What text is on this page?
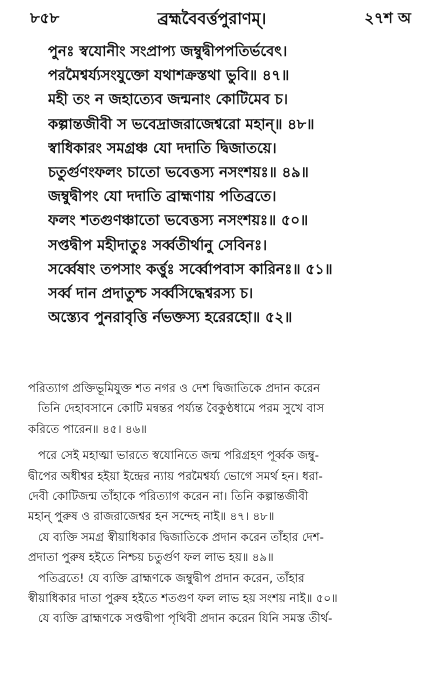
৮৫৮	ব্রহ্মবৈবর্ত্তপুরাণম্।	২৭শ অ
পুনঃ স্বযোনীং সংপ্রাপ্য জম্বুদ্বীপপতির্ভবেৎ।
পরমৈশ্বর্য্যসংযুক্তো যথাশক্রস্তথা ভুবি॥ ৪৭॥
মহী তং ন জহাত্যেব জন্মনাং কোটিমেব চ।
কল্পান্তজীবী স ভবেদ্রাজরাজেশ্বরো মহান্॥ ৪৮॥
স্বাধিকারং সমগ্রঞ্চ যো দদাতি দ্বিজাতয়ে।
চতুর্গুণংফলং চাতো ভবেত্তস্য নসংশয়ঃ॥ ৪৯॥
জম্বুদ্বীপং যো দদাতি ব্রাহ্মণায় পতিব্রতে।
ফলং শতগুণঞ্চাতো ভবেত্তস্য নসংশয়ঃ॥ ৫০॥
সপ্তদ্বীপ মহীদাতুঃ সর্ব্বতীর্থানু সেবিনঃ।
সর্ব্বেষাং তপসাং কর্ত্তুঃ সর্ব্বোপবাস কারিনঃ॥ ৫১॥
সর্ব্ব দান প্রদাতুশ্চ সর্ব্বসিদ্ধেশ্বরস্য চ।
অস্ত্যেব পুনরাবৃত্তি র্নভক্তস্য হরেরহো॥ ৫২॥
পরিত্যাগ প্রক্তিভূমিযুক্ত শত নগর ও দেশ দ্বিজাতিকে প্রদান করেন
তিনি দেহাবসানে কোটি মন্বন্তর পর্য্যন্ত বৈকুণ্ঠধামে পরম সুখে বাস
করিতে পারেন॥ ৪৫। ৪৬॥
পরে সেই মহাত্মা ভারতে স্বযোনিতে জন্ম পরিগ্রহণ পূর্ব্বক জম্বু-
দ্বীপের অধীশ্বর হইয়া ইন্দ্রের ন্যায় পরমৈশ্বর্য্য ভোগে সমর্থ হন। ধরা-
দেবী কোটিজন্ম তাঁহাকে পরিত্যাগ করেন না। তিনি কল্পান্তজীবী
মহান্ পুরুষ ও রাজরাজেশ্বর হন সন্দেহ নাই॥ ৪৭। ৪৮॥
যে ব্যক্তি সমগ্র স্বীয়াধিকার দ্বিজাতিকে প্রদান করেন তাঁহার দেশ-
প্রদাতা পুরুষ হইতে নিশ্চয় চতুর্গুণ ফল লাভ হয়॥ ৪৯॥
পতিব্রতে! যে ব্যক্তি ব্রাহ্মণকে জম্বুদ্বীপ প্রদান করেন, তাঁহার
স্বীয়াধিকার দাতা পুরুষ হইতে শতগুণ ফল লাভ হয় সংশয় নাই॥ ৫০॥
যে ব্যক্তি ব্রাহ্মণকে সপ্তদ্বীপা পৃথিবী প্রদান করেন যিনি সমস্ত তীর্থ-
